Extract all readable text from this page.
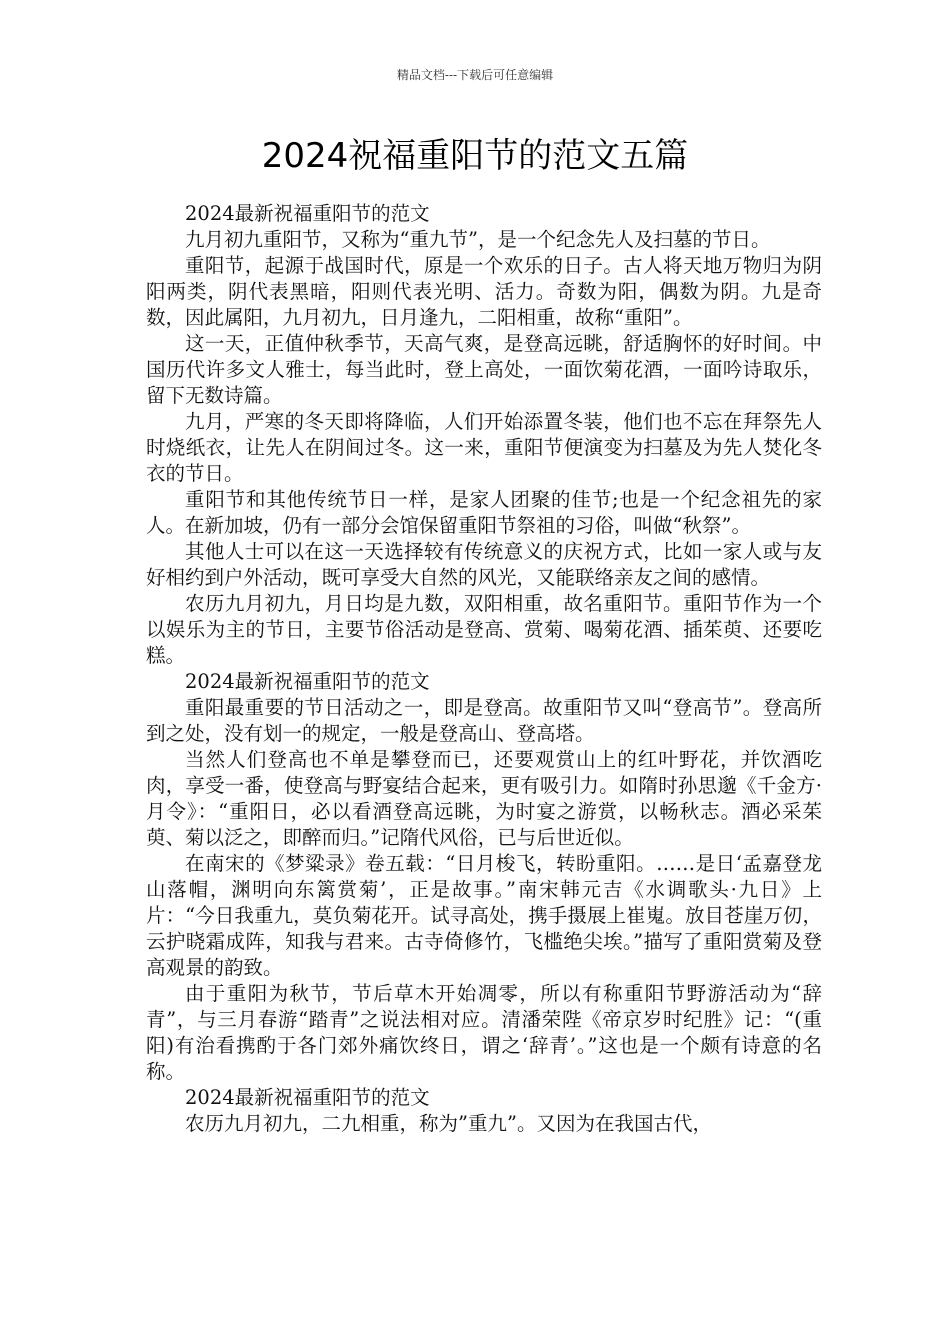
精品文档---下载后可任意编辑
2024祝福重阳节的范文五篇

2024最新祝福重阳节的范文

九月初九重阳节，又称为“重九节”，是一个纪念先人及扫墓的节日。

重阳节，起源于战国时代，原是一个欢乐的日子。古人将天地万物归为阴阳两类，阴代表黑暗，阳则代表光明、活力。奇数为阳，偶数为阴。九是奇数，因此属阳，九月初九，日月逢九，二阳相重，故称“重阳”。

这一天，正值仲秋季节，天高气爽，是登高远眺，舒适胸怀的好时间。中国历代许多文人雅士，每当此时，登上高处，一面饮菊花酒，一面吟诗取乐，留下无数诗篇。

九月，严寒的冬天即将降临，人们开始添置冬装，他们也不忘在拜祭先人时烧纸衣，让先人在阴间过冬。这一来，重阳节便演变为扫墓及为先人焚化冬衣的节日。

重阳节和其他传统节日一样，是家人团聚的佳节;也是一个纪念祖先的家人。在新加坡，仍有一部分会馆保留重阳节祭祖的习俗，叫做“秋祭”。

其他人士可以在这一天选择较有传统意义的庆祝方式，比如一家人或与友好相约到户外活动，既可享受大自然的风光，又能联络亲友之间的感情。

农历九月初九，月日均是九数，双阳相重，故名重阳节。重阳节作为一个以娱乐为主的节日，主要节俗活动是登高、赏菊、喝菊花酒、插茱萸、还要吃糕。

2024最新祝福重阳节的范文

重阳最重要的节日活动之一，即是登高。故重阳节又叫“登高节”。登高所到之处，没有划一的规定，一般是登高山、登高塔。

当然人们登高也不单是攀登而已，还要观赏山上的红叶野花，并饮酒吃肉，享受一番，使登高与野宴结合起来，更有吸引力。如隋时孙思邈《千金方·月令》：“重阳日，必以看酒登高远眺，为时宴之游赏，以畅秋志。酒必采茱萸、菊以泛之，即醉而归。”记隋代风俗，已与后世近似。

在南宋的《梦粱录》卷五载：“日月梭飞，转盼重阳。……是日‘孟嘉登龙山落帽，渊明向东篱赏菊’，正是故事。”南宋韩元吉《水调歌头·九日》上片：“今日我重九，莫负菊花开。试寻高处，携手摄展上崔嵬。放目苍崖万仞，云护晓霜成阵，知我与君来。古寺倚修竹，飞槛绝尖埃。”描写了重阳赏菊及登高观景的韵致。

由于重阳为秋节，节后草木开始凋零，所以有称重阳节野游活动为“辞青”，与三月春游“踏青”之说法相对应。清潘荣陛《帝京岁时纪胜》记：“(重阳)有治看携酌于各门郊外痛饮终日，谓之‘辞青’。”这也是一个颇有诗意的名称。

2024最新祝福重阳节的范文

农历九月初九，二九相重，称为”重九”。又因为在我国古代，
